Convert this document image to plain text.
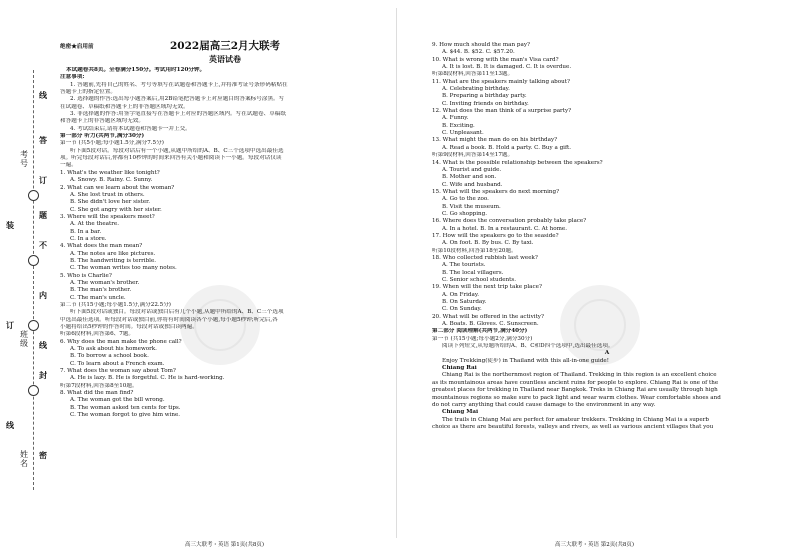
考号
班级
姓名
线
答
订
题
不
内
线
封
密
装
订
线
绝密★启用前	2022届高三2月大联考
英语试卷
本试题卷共8页。全卷满分150分。考试用时120分钟。
注意事项:
1. 答题前,先将自己的姓名、考号等填写在试题卷和答题卡上,并将准考证号条形码粘贴在
答题卡上的指定位置。
2. 选择题的作答:选出每小题答案后,用2B铅笔把答题卡上对应题目的答案标号涂黑。写
在试题卷、草稿纸和答题卡上的非答题区域均无效。
3. 非选择题的作答:用签字笔直接写在答题卡上对应的答题区域内。写在试题卷、草稿纸
和答题卡上的非答题区域均无效。
4. 考试结束后,请将本试题卷和答题卡一并上交。
第一部分 听力(共两节,满分30分)
第一节 (共5小题;每小题1.5分,满分7.5分)
听下面5段对话。每段对话后有一个小题,从题中所给的A、B、C三个选项中选出最佳选
项。听完每段对话后,你都有10秒钟的时间来回答有关小题和阅读下一小题。每段对话仅读
一遍。
1. What's the weather like tonight?
A. Snowy. B. Rainy. C. Sunny.
2. What can we learn about the woman?
A. She lost trust in others.
B. She didn't love her sister.
C. She got angry with her sister.
3. Where will the speakers meet?
A. At the theatre.
B. In a bar.
C. In a store.
4. What does the man mean?
A. The notes are like pictures.
B. The handwriting is terrible.
C. The woman writes too many notes.
5. Who is Charlie?
A. The woman's brother.
B. The man's brother.
C. The man's uncle.
第二节 (共15小题;每小题1.5分,满分22.5分)
听下面5段对话或独白。每段对话或独白后有几个小题,从题中所给的A、B、C三个选项
中选出最佳选项。听每段对话或独白前,你将有时间阅读各个小题,每小题5秒钟;听完后,各
小题将给出5秒钟的作答时间。每段对话或独白读两遍。
听第6段材料,回答第6、7题。
6. Why does the man make the phone call?
A. To ask about his homework.
B. To borrow a school book.
C. To learn about a French exam.
7. What does the woman say about Tom?
A. He is lazy. B. He is forgetful. C. He is hard-working.
听第7段材料,回答第8至10题。
8. What did the man find?
A. The woman got the bill wrong.
B. The woman asked ten cents for tips.
C. The woman forgot to give him wine.
9. How much should the man pay?
A. $44. B. $52. C. $57.20.
10. What is wrong with the man's Visa card?
A. It is lost. B. It is damaged. C. It is overdue.
听第8段材料,回答第11至13题。
11. What are the speakers mainly talking about?
A. Celebrating birthday.
B. Preparing a birthday party.
C. Inviting friends on birthday.
12. What does the man think of a surprise party?
A. Funny.
B. Exciting.
C. Unpleasant.
13. What might the man do on his birthday?
A. Read a book. B. Hold a party. C. Buy a gift.
听第9段材料,回答第14至17题。
14. What is the possible relationship between the speakers?
A. Tourist and guide.
B. Mother and son.
C. Wife and husband.
15. What will the speakers do next morning?
A. Go to the zoo.
B. Visit the museum.
C. Go shopping.
16. Where does the conversation probably take place?
A. In a hotel. B. In a restaurant. C. At home.
17. How will the speakers go to the seaside?
A. On foot. B. By bus. C. By taxi.
听第10段材料,回答第18至20题。
18. Who collected rubbish last week?
A. The tourists.
B. The local villagers.
C. Senior school students.
19. When will the next trip take place?
A. On Friday.
B. On Saturday.
C. On Sunday.
20. What will be offered in the activity?
A. Boats. B. Gloves. C. Sunscreen.
第二部分 阅读理解(共两节,满分40分)
第一节 (共15小题;每小题2分,满分30分)
阅读下列短文,从每题所给的A、B、C和D四个选项中,选出最佳选项。
A
Enjoy Trekking(徒步) in Thailand with this all-in-one guide!
Chiang Rai
Chiang Rai is the northernmost region of Thailand. Trekking in this region is an excellent choice
as its mountainous areas have countless ancient ruins for people to explore. Chiang Rai is one of the
greatest places for trekking in Thailand near Bangkok. Treks in Chiang Rai are usually through high
mountainous regions so make sure to pack light and wear warm clothes. Wear comfortable shoes and
do not carry anything that could cause damage to the environment in any way.
Chiang Mai
The trails in Chiang Mai are perfect for amateur trekkers. Trekking in Chiang Mai is a superb
choice as there are beautiful forests, valleys and rivers, as well as various ancient villages that you
高三大联考・英语 第1页(共8页)	高三大联考・英语 第2页(共8页)
